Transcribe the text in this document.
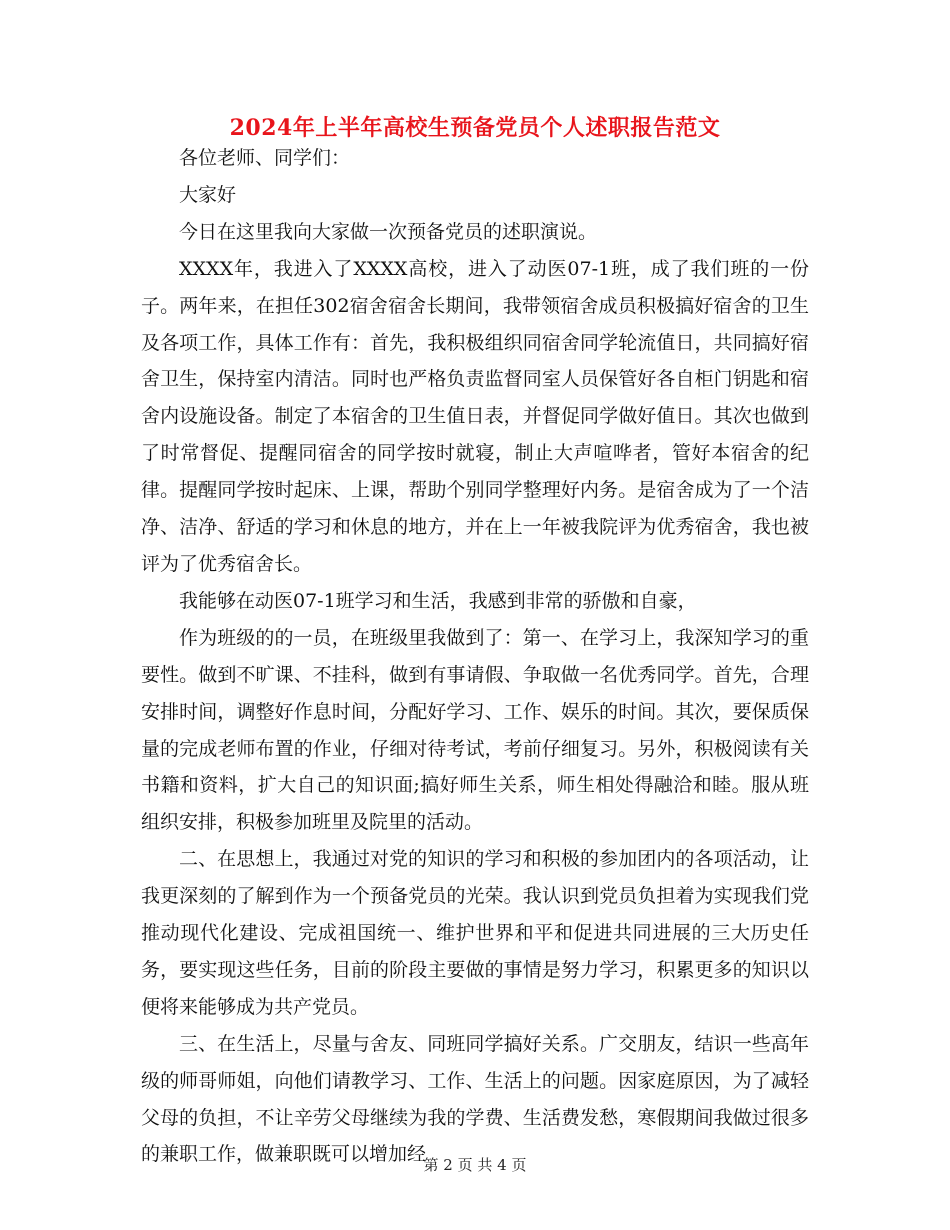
2024年上半年高校生预备党员个人述职报告范文

各位老师、同学们：

大家好

今日在这里我向大家做一次预备党员的述职演说。

XXXX年，我进入了XXXX高校，进入了动医07-1班，成了我们班的一份子。两年来，在担任302宿舍宿舍长期间，我带领宿舍成员积极搞好宿舍的卫生及各项工作，具体工作有：首先，我积极组织同宿舍同学轮流值日，共同搞好宿舍卫生，保持室内清洁。同时也严格负责监督同室人员保管好各自柜门钥匙和宿舍内设施设备。制定了本宿舍的卫生值日表，并督促同学做好值日。其次也做到了时常督促、提醒同宿舍的同学按时就寝，制止大声喧哗者，管好本宿舍的纪律。提醒同学按时起床、上课，帮助个别同学整理好内务。是宿舍成为了一个洁净、洁净、舒适的学习和休息的地方，并在上一年被我院评为优秀宿舍，我也被评为了优秀宿舍长。

我能够在动医07-1班学习和生活，我感到非常的骄傲和自豪，

作为班级的的一员，在班级里我做到了：第一、在学习上，我深知学习的重要性。做到不旷课、不挂科，做到有事请假、争取做一名优秀同学。首先，合理安排时间，调整好作息时间，分配好学习、工作、娱乐的时间。其次，要保质保量的完成老师布置的作业，仔细对待考试，考前仔细复习。另外，积极阅读有关书籍和资料，扩大自己的知识面;搞好师生关系，师生相处得融洽和睦。服从班组织安排，积极参加班里及院里的活动。

二、在思想上，我通过对党的知识的学习和积极的参加团内的各项活动，让我更深刻的了解到作为一个预备党员的光荣。我认识到党员负担着为实现我们党推动现代化建设、完成祖国统一、维护世界和平和促进共同进展的三大历史任务，要实现这些任务，目前的阶段主要做的事情是努力学习，积累更多的知识以便将来能够成为共产党员。

三、在生活上，尽量与舍友、同班同学搞好关系。广交朋友，结识一些高年级的师哥师姐，向他们请教学习、工作、生活上的问题。因家庭原因，为了减轻父母的负担，不让辛劳父母继续为我的学费、生活费发愁，寒假期间我做过很多的兼职工作，做兼职既可以增加经

第 2 页 共 4 页
